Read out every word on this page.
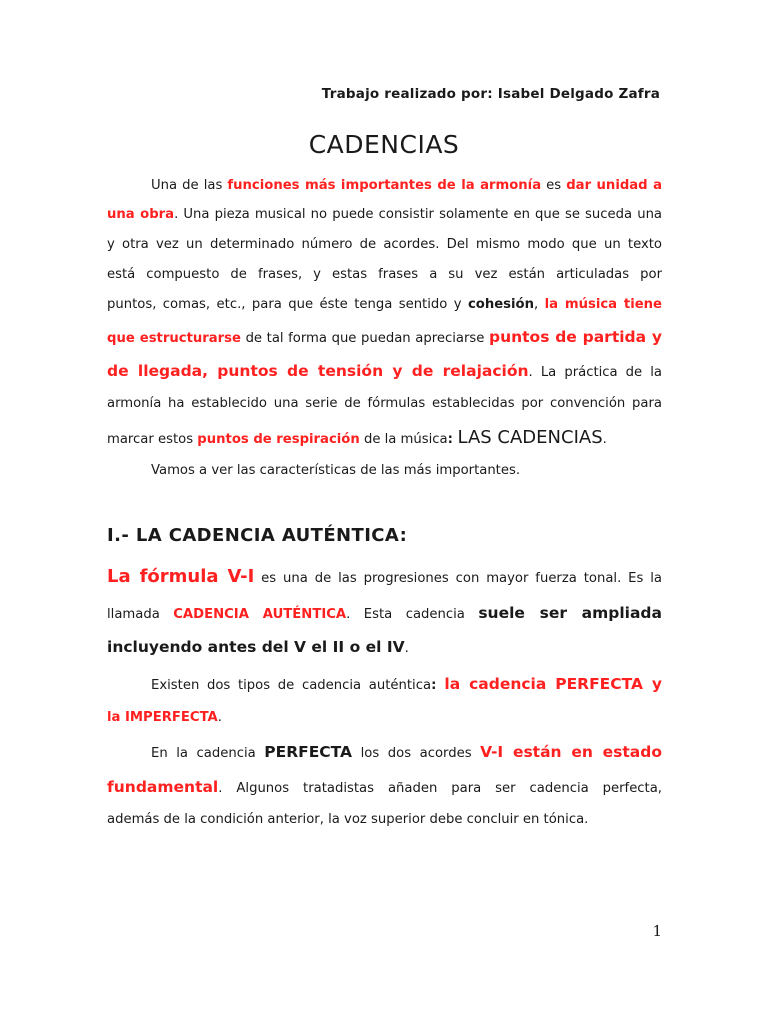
Trabajo realizado por: Isabel Delgado Zafra
CADENCIAS
Una de las funciones más importantes de la armonía es dar unidad a
una obra. Una pieza musical no puede consistir solamente en que se suceda una
y otra vez un determinado número de acordes. Del mismo modo que un texto
está compuesto de frases, y estas frases a su vez están articuladas por
puntos, comas, etc., para que éste tenga sentido y cohesión, la música tiene
que estructurarse de tal forma que puedan apreciarse puntos de partida y
de llegada, puntos de tensión y de relajación. La práctica de la
armonía ha establecido una serie de fórmulas establecidas por convención para
marcar estos puntos de respiración de la música: LAS CADENCIAS.
Vamos a ver las características de las más importantes.
I.- LA CADENCIA AUTÉNTICA:
La fórmula V-I es una de las progresiones con mayor fuerza tonal. Es la
llamada CADENCIA AUTÉNTICA. Esta cadencia suele ser ampliada
incluyendo antes del V el II o el IV.
Existen dos tipos de cadencia auténtica: la cadencia PERFECTA y
la IMPERFECTA.
En la cadencia PERFECTA los dos acordes V-I están en estado
fundamental. Algunos tratadistas añaden para ser cadencia perfecta,
además de la condición anterior, la voz superior debe concluir en tónica.
1
